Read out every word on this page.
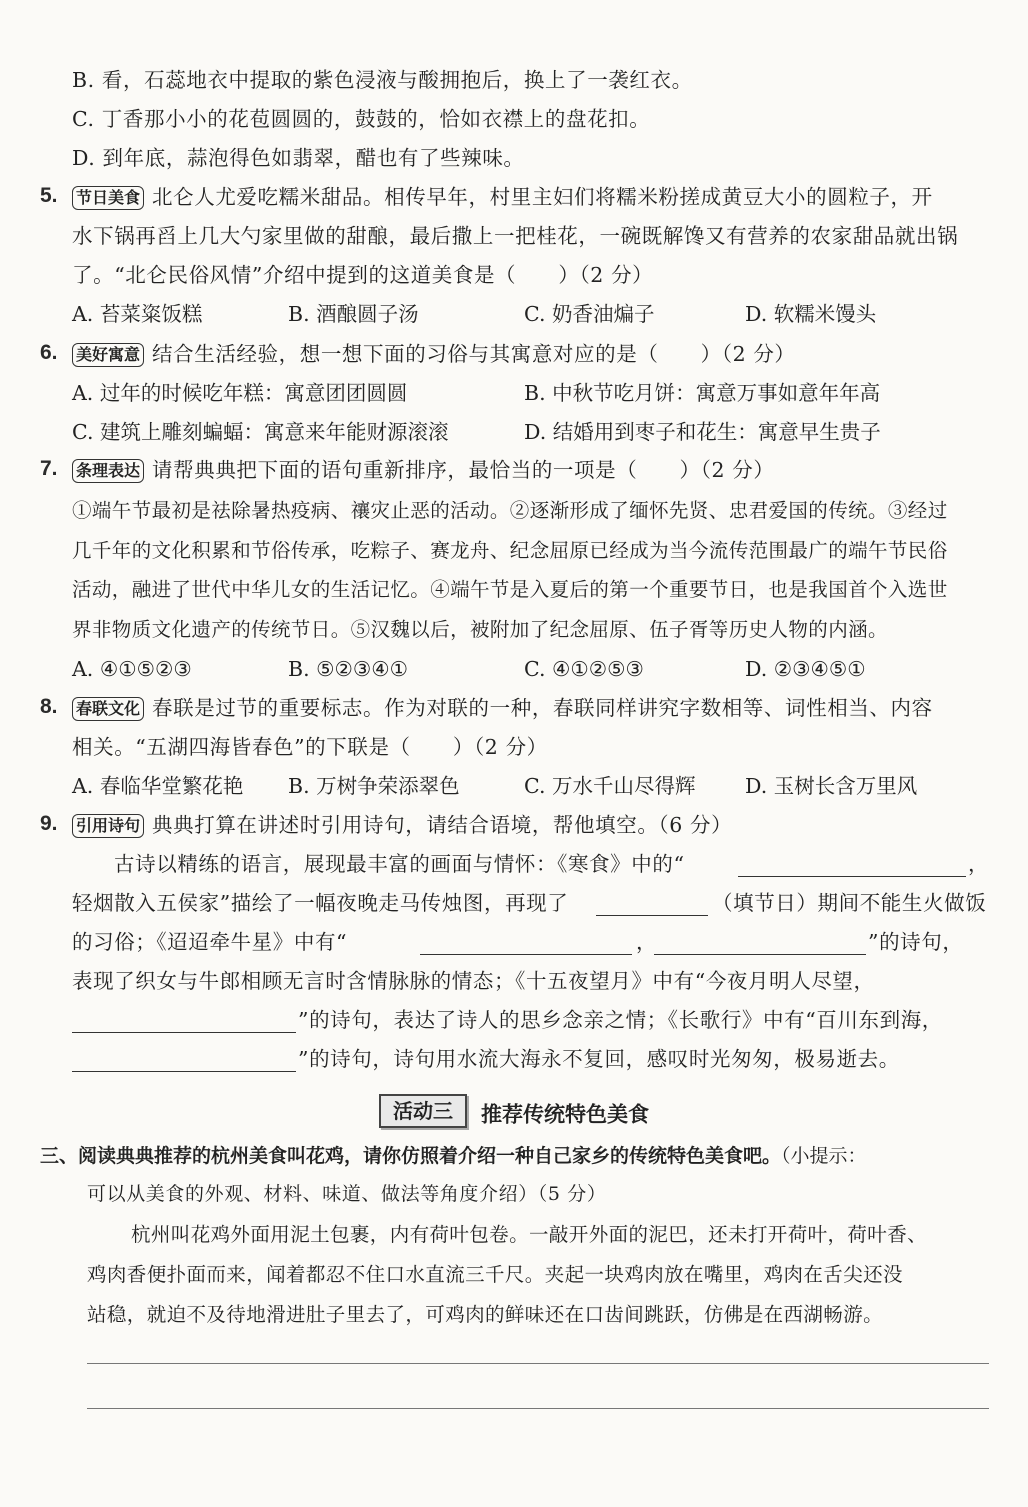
B. 看，石蕊地衣中提取的紫色浸液与酸拥抱后，换上了一袭红衣。
C. 丁香那小小的花苞圆圆的，鼓鼓的，恰如衣襟上的盘花扣。
D. 到年底，蒜泡得色如翡翠，醋也有了些辣味。
5. 节日美食 北仑人尤爱吃糯米甜品。相传早年，村里主妇们将糯米粉搓成黄豆大小的圆粒子，开
水下锅再舀上几大勺家里做的甜酿，最后撒上一把桂花，一碗既解馋又有营养的农家甜品就出锅
了。“北仑民俗风情”介绍中提到的这道美食是（　　）（2 分）
A. 苔菜粢饭糕	B. 酒酿圆子汤	C. 奶香油煸子	D. 软糯米馒头
6. 美好寓意 结合生活经验，想一想下面的习俗与其寓意对应的是（　　）（2 分）
A. 过年的时候吃年糕：寓意团团圆圆	B. 中秋节吃月饼：寓意万事如意年年高
C. 建筑上雕刻蝙蝠：寓意来年能财源滚滚	D. 结婚用到枣子和花生：寓意早生贵子
7. 条理表达 请帮典典把下面的语句重新排序，最恰当的一项是（　　）（2 分）
①端午节最初是祛除暑热疫病、禳灾止恶的活动。②逐渐形成了缅怀先贤、忠君爱国的传统。③经过
几千年的文化积累和节俗传承，吃粽子、赛龙舟、纪念屈原已经成为当今流传范围最广的端午节民俗
活动，融进了世代中华儿女的生活记忆。④端午节是入夏后的第一个重要节日，也是我国首个入选世
界非物质文化遗产的传统节日。⑤汉魏以后，被附加了纪念屈原、伍子胥等历史人物的内涵。
A. ④①⑤②③	B. ⑤②③④①	C. ④①②⑤③	D. ②③④⑤①
8. 春联文化 春联是过节的重要标志。作为对联的一种，春联同样讲究字数相等、词性相当、内容
相关。“五湖四海皆春色”的下联是（　　）（2 分）
A. 春临华堂繁花艳 B. 万树争荣添翠色	C. 万水千山尽得辉 D. 玉树长含万里风
9. 引用诗句 典典打算在讲述时引用诗句，请结合语境，帮他填空。（6 分）
古诗以精练的语言，展现最丰富的画面与情怀：《寒食》中的“	，
轻烟散入五侯家”描绘了一幅夜晚走马传烛图，再现了	（填节日）期间不能生火做饭
的习俗；《迢迢牵牛星》中有“	，	”的诗句，
表现了织女与牛郎相顾无言时含情脉脉的情态；《十五夜望月》中有“今夜月明人尽望，
”的诗句，表达了诗人的思乡念亲之情；《长歌行》中有“百川东到海，
”的诗句，诗句用水流大海永不复回，感叹时光匆匆，极易逝去。
活动三 推荐传统特色美食
三、阅读典典推荐的杭州美食叫花鸡，请你仿照着介绍一种自己家乡的传统特色美食吧。（小提示：
可以从美食的外观、材料、味道、做法等角度介绍）（5 分）
杭州叫花鸡外面用泥土包裹，内有荷叶包卷。一敲开外面的泥巴，还未打开荷叶，荷叶香、
鸡肉香便扑面而来，闻着都忍不住口水直流三千尺。夹起一块鸡肉放在嘴里，鸡肉在舌尖还没
站稳，就迫不及待地滑进肚子里去了，可鸡肉的鲜味还在口齿间跳跃，仿佛是在西湖畅游。
